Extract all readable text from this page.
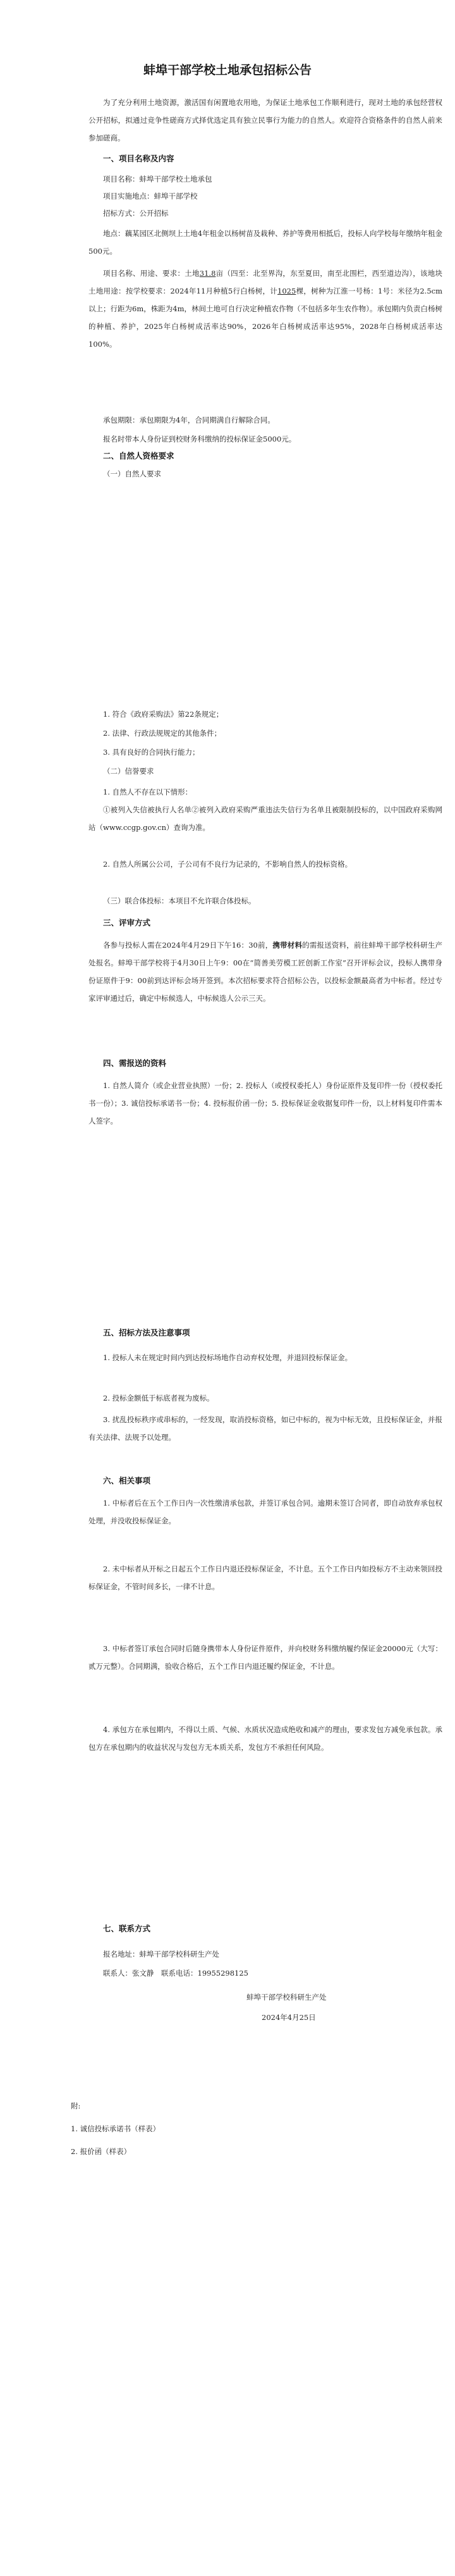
蚌埠干部学校土地承包招标公告
为了充分利用土地资源，激活国有闲置地农用地，为保证土地承包工作顺利进行，现对土地的承包经营权公开招标，拟通过竞争性磋商方式择优选定具有独立民事行为能力的自然人。欢迎符合资格条件的自然人前来参加磋商。
一、项目名称及内容
项目名称：蚌埠干部学校土地承包
项目实施地点：蚌埠干部学校
招标方式：公开招标
地点：藕某园区北侧坝上土地4年租金以杨树苗及栽种、养护等费用相抵后，投标人向学校每年缴纳年租金500元。
项目名称、用途、要求：土地31.8亩（四至：北至界沟，东至夏田，南至北围栏，西至道边沟），该地块土地用途：按学校要求：2024年11月种植5行白杨树，计1025棵，树种为江淮一号杨：1号：米径为2.5cm以上；行距为6m，株距为4m，林间土地可自行决定种植农作物（不包括多年生农作物）。承包期内负责白杨树的种植、养护，2025年白杨树成活率达90%，2026年白杨树成活率达95%，2028年白杨树成活率达100%。
承包期限：承包期限为4年，合同期满自行解除合同。
报名时带本人身份证到校财务科缴纳的投标保证金5000元。
二、自然人资格要求
（一）自然人要求
1. 符合《政府采购法》第22条规定；
2. 法律、行政法规规定的其他条件；
3. 具有良好的合同执行能力；
（二）信誉要求
1. 自然人不存在以下情形：
①被列入失信被执行人名单②被列入政府采购严重违法失信行为名单且被限制投标的，以中国政府采购网站（www.ccgp.gov.cn）查询为准。
2. 自然人所属公公司，子公司有不良行为记录的，不影响自然人的投标资格。
（三）联合体投标：本项目不允许联合体投标。
三、评审方式
各参与投标人需在2024年4月29日下午16：30前，携带材料的需报送资料，前往蚌埠干部学校科研生产处报名。蚌埠干部学校将于4月30日上午9：00在“简善美劳模工匠创新工作室”召开评标会议，投标人携带身份证原件于9：00前到达评标会场开签到。本次招标要求符合招标公告，以投标金额最高者为中标者。经过专家评审通过后，确定中标候选人，中标候选人公示三天。
四、需报送的资料
1. 自然人简介（或企业营业执照）一份；2. 投标人（或授权委托人）身份证原件及复印件一份（授权委托书一份）；3. 诚信投标承诺书一份；4. 投标报价函一份；5. 投标保证金收据复印件一份，以上材料复印件需本人签字。
五、招标方法及注意事项
1. 投标人未在规定时间内到达投标场地作自动弃权处理，并退回投标保证金。
2. 投标金额低于标底者视为废标。
3. 扰乱投标秩序或串标的，一经发现，取消投标资格，如已中标的，视为中标无效，且投标保证金，并报有关法律、法规予以处理。
六、相关事项
1. 中标者后在五个工作日内一次性缴清承包款，并签订承包合同。逾期未签订合同者，即自动放弃承包权处理，并没收投标保证金。
2. 未中标者从开标之日起五个工作日内退还投标保证金，不计息。五个工作日内如投标方不主动来领回投标保证金，不管时间多长，一律不计息。
3. 中标者签订承包合同时后随身携带本人身份证件原件，并向校财务科缴纳履约保证金20000元（大写：贰万元整）。合同期满，验收合格后，五个工作日内退还履约保证金，不计息。
4. 承包方在承包期内，不得以土质、气候、水质状况造成绝收和减产的理由，要求发包方减免承包款。承包方在承包期内的收益状况与发包方无本质关系，发包方不承担任何风险。
七、联系方式
报名地址：蚌埠干部学校科研生产处
联系人：张文静　联系电话：19955298125
蚌埠干部学校科研生产处
2024年4月25日
附:
1. 诚信投标承诺书（样表）
2. 报价函（样表）
